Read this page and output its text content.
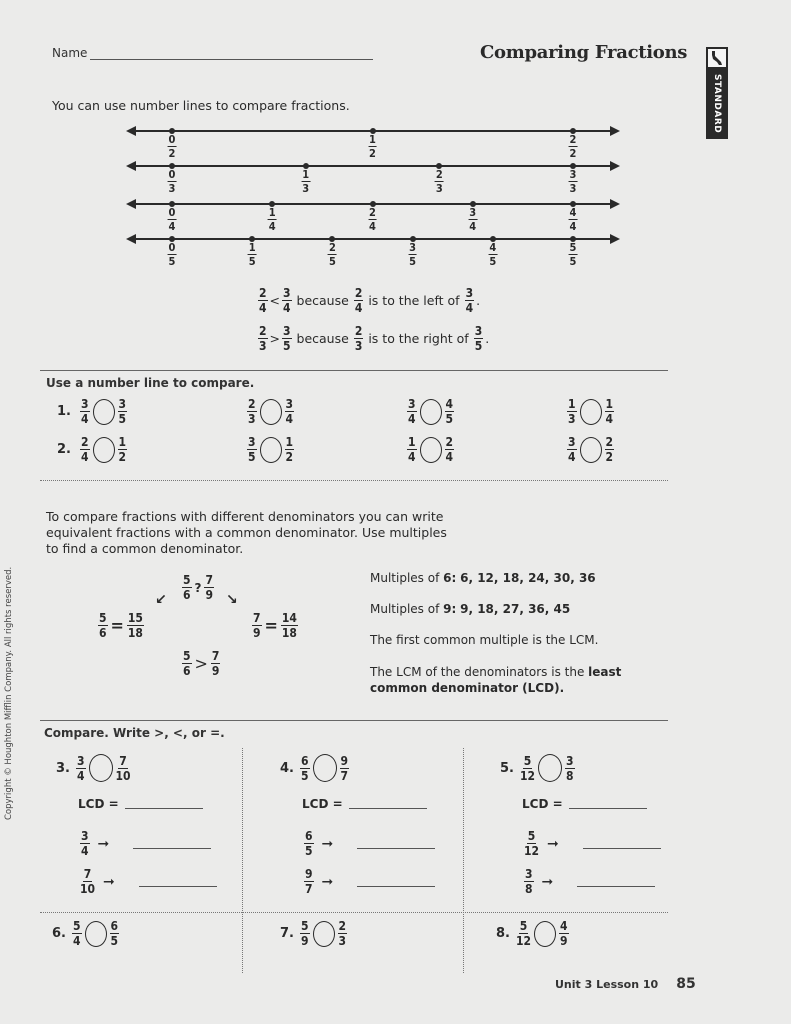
Name	Comparing Fractions
STANDARD
You can use number lines to compare fractions.
$\frac{0}{2}$	$\frac{1}{2}$	$\frac{2}{2}$
$\frac{0}{3}$	$\frac{1}{3}$	$\frac{2}{3}$	$\frac{3}{3}$
$\frac{0}{4}$	$\frac{1}{4}$	$\frac{2}{4}$	$\frac{3}{4}$	$\frac{4}{4}$
$\frac{0}{5}$	$\frac{1}{5}$	$\frac{2}{5}$	$\frac{3}{5}$	$\frac{4}{5}$	$\frac{5}{5}$
$\frac{2}{4} < \frac{3}{4}$ because $\frac{2}{4}$ is to the left of $\frac{3}{4}$ .
$\frac{2}{3} > \frac{3}{5}$ because $\frac{2}{3}$ is to the right of $\frac{3}{5}$ .
Use a number line to compare.
1. $\frac{3}{4} \frac{3}{5}$	$\frac{2}{3} \frac{3}{4}$	$\frac{3}{4} \frac{4}{5}$	$\frac{1}{3} \frac{1}{4}$
2. $\frac{2}{4} \frac{1}{2}$	$\frac{3}{5} \frac{1}{2}$	$\frac{1}{4} \frac{2}{4}$	$\frac{3}{4} \frac{2}{2}$
To compare fractions with different denominators you can write equivalent fractions with a common denominator. Use multiples to find a common denominator.
$\frac{5}{6}$ ? $\frac{7}{9}$
↙	↘
$\frac{5}{6} = \frac{15}{18}$	$\frac{7}{9} = \frac{14}{18}$
$\frac{5}{6} > \frac{7}{9}$
Multiples of 6: 6, 12, 18, 24, 30, 36
Multiples of 9: 9, 18, 27, 36, 45
The first common multiple is the LCM.
The LCM of the denominators is the least common denominator (LCD).
Compare. Write >, <, or =.
3. $\frac{3}{4}$	$\frac{7}{10}$
LCD =
$\frac{3}{4}$ ➞
$\frac{7}{10}$ ➞
4. $\frac{6}{5}$	$\frac{9}{7}$
LCD =
$\frac{6}{5}$ ➞
$\frac{9}{7}$ ➞
5. $\frac{5}{12}$	$\frac{3}{8}$
LCD =
$\frac{5}{12}$ ➞
$\frac{3}{8}$ ➞
6. $\frac{5}{4} \frac{6}{5}$	7. $\frac{5}{9} \frac{2}{3}$	8. $\frac{5}{12} \frac{4}{9}$
Copyright © Houghton Mifflin Company. All rights reserved.
Unit 3 Lesson 10 85
